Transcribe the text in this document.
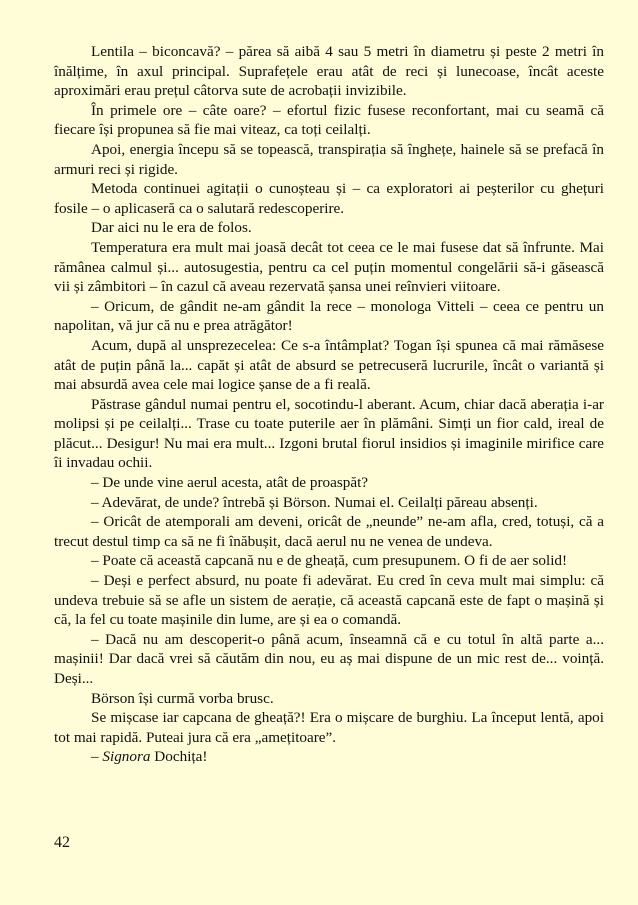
Lentila – biconcavă? – părea să aibă 4 sau 5 metri în diametru și peste 2 metri în înălțime, în axul principal. Suprafețele erau atât de reci și lunecoase, încât aceste aproximări erau prețul câtorva sute de acrobații invizibile.

În primele ore – câte oare? – efortul fizic fusese reconfortant, mai cu seamă că fiecare își propunea să fie mai viteaz, ca toți ceilalți.

Apoi, energia începu să se topească, transpirația să înghețe, hainele să se prefacă în armuri reci și rigide.

Metoda continuei agitații o cunoșteau și – ca exploratori ai peșterilor cu ghețuri fosile – o aplicaseră ca o salutară redescoperire.

Dar aici nu le era de folos.

Temperatura era mult mai joasă decât tot ceea ce le mai fusese dat să înfrunte. Mai rămânea calmul și... autosugestia, pentru ca cel puțin momentul congelării să-i găsească vii și zâmbitori – în cazul că aveau rezervată șansa unei reînvieri viitoare.

– Oricum, de gândit ne-am gândit la rece – monologa Vitteli – ceea ce pentru un napolitan, vă jur că nu e prea atrăgător!

Acum, după al unsprezecelea: Ce s-a întâmplat? Togan își spunea că mai rămăsese atât de puțin până la... capăt și atât de absurd se petrecuseră lucrurile, încât o variantă și mai absurdă avea cele mai logice șanse de a fi reală.

Păstrase gândul numai pentru el, socotindu-l aberant. Acum, chiar dacă aberația i-ar molipsi și pe ceilalți... Trase cu toate puterile aer în plămâni. Simți un fior cald, ireal de plăcut... Desigur! Nu mai era mult... Izgoni brutal fiorul insidios și imaginile mirifice care îi invadau ochii.

– De unde vine aerul acesta, atât de proaspăt?

– Adevărat, de unde? întrebă și Börson. Numai el. Ceilalți păreau absenți.

– Oricât de atemporali am deveni, oricât de „neunde” ne-am afla, cred, totuși, că a trecut destul timp ca să ne fi înăbușit, dacă aerul nu ne venea de undeva.

– Poate că această capcană nu e de gheață, cum presupunem. O fi de aer solid!

– Deși e perfect absurd, nu poate fi adevărat. Eu cred în ceva mult mai simplu: că undeva trebuie să se afle un sistem de aerație, că această capcană este de fapt o mașină și că, la fel cu toate mașinile din lume, are și ea o comandă.

– Dacă nu am descoperit-o până acum, înseamnă că e cu totul în altă parte a... mașinii! Dar dacă vrei să căutăm din nou, eu aș mai dispune de un mic rest de... voință. Deși...

Börson își curmă vorba brusc.

Se mișcase iar capcana de gheață?! Era o mișcare de burghiu. La început lentă, apoi tot mai rapidă. Puteai jura că era „amețitoare”.

– Signora Dochița!

42
